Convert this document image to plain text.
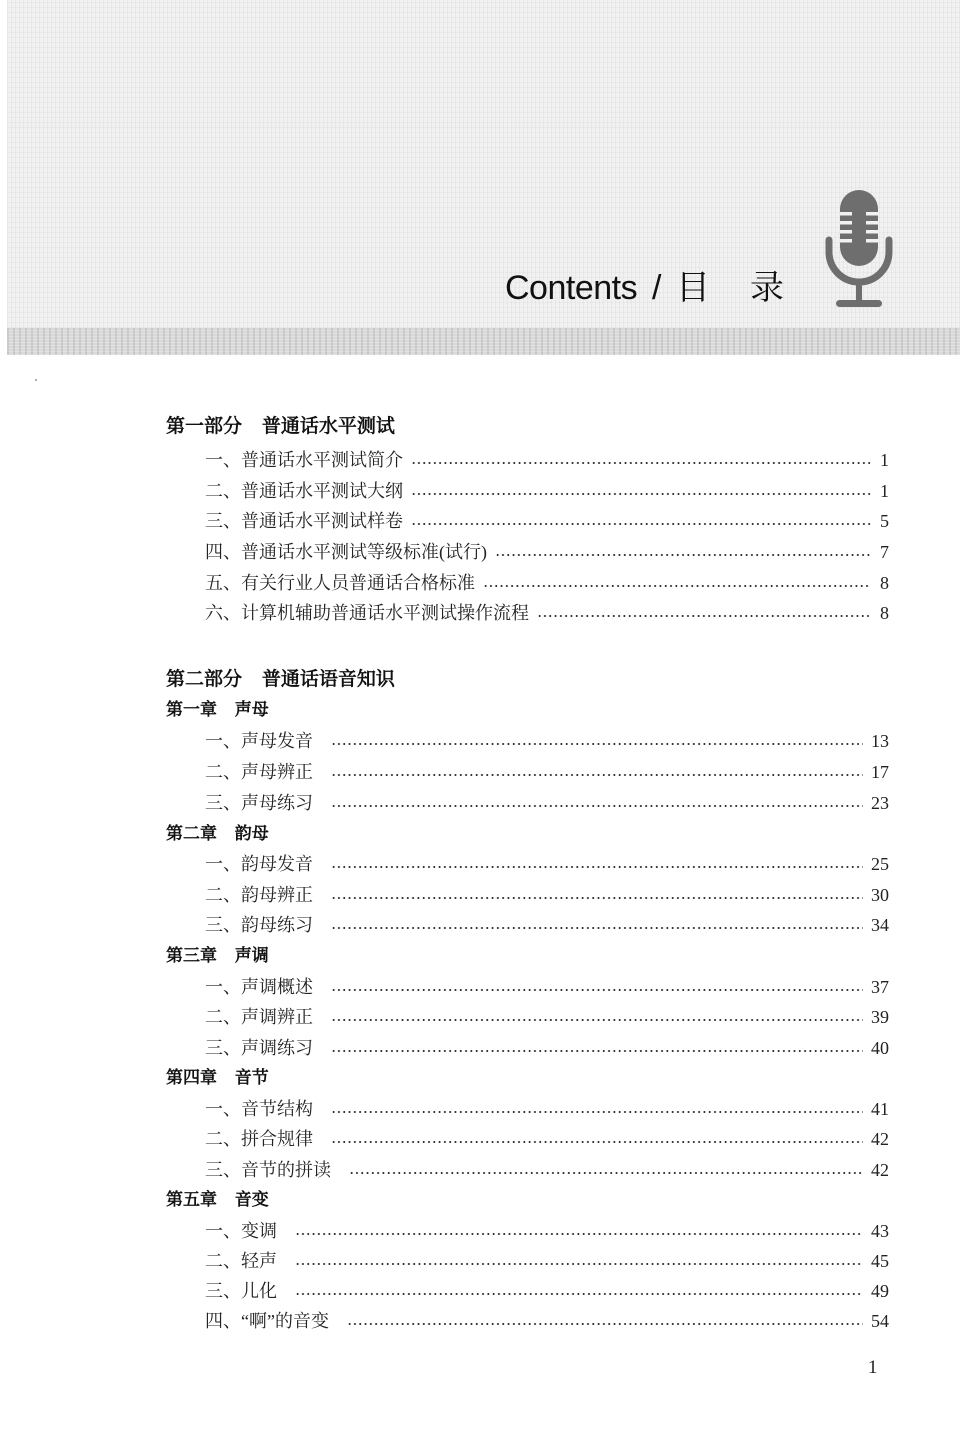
Contents / 目 录
第一部分   普通话水平测试
一、普通话水平测试简介	1
二、普通话水平测试大纲	1
三、普通话水平测试样卷	5
四、普通话水平测试等级标准(试行)	7
五、有关行业人员普通话合格标准	8
六、计算机辅助普通话水平测试操作流程	8
第二部分   普通话语音知识
第一章   声母
一、声母发音	13
二、声母辨正	17
三、声母练习	23
第二章   韵母
一、韵母发音	25
二、韵母辨正	30
三、韵母练习	34
第三章   声调
一、声调概述	37
二、声调辨正	39
三、声调练习	40
第四章   音节
一、音节结构	41
二、拼合规律	42
三、音节的拼读	42
第五章   音变
一、变调	43
二、轻声	45
三、儿化	49
四、“啊”的音变	54
1
